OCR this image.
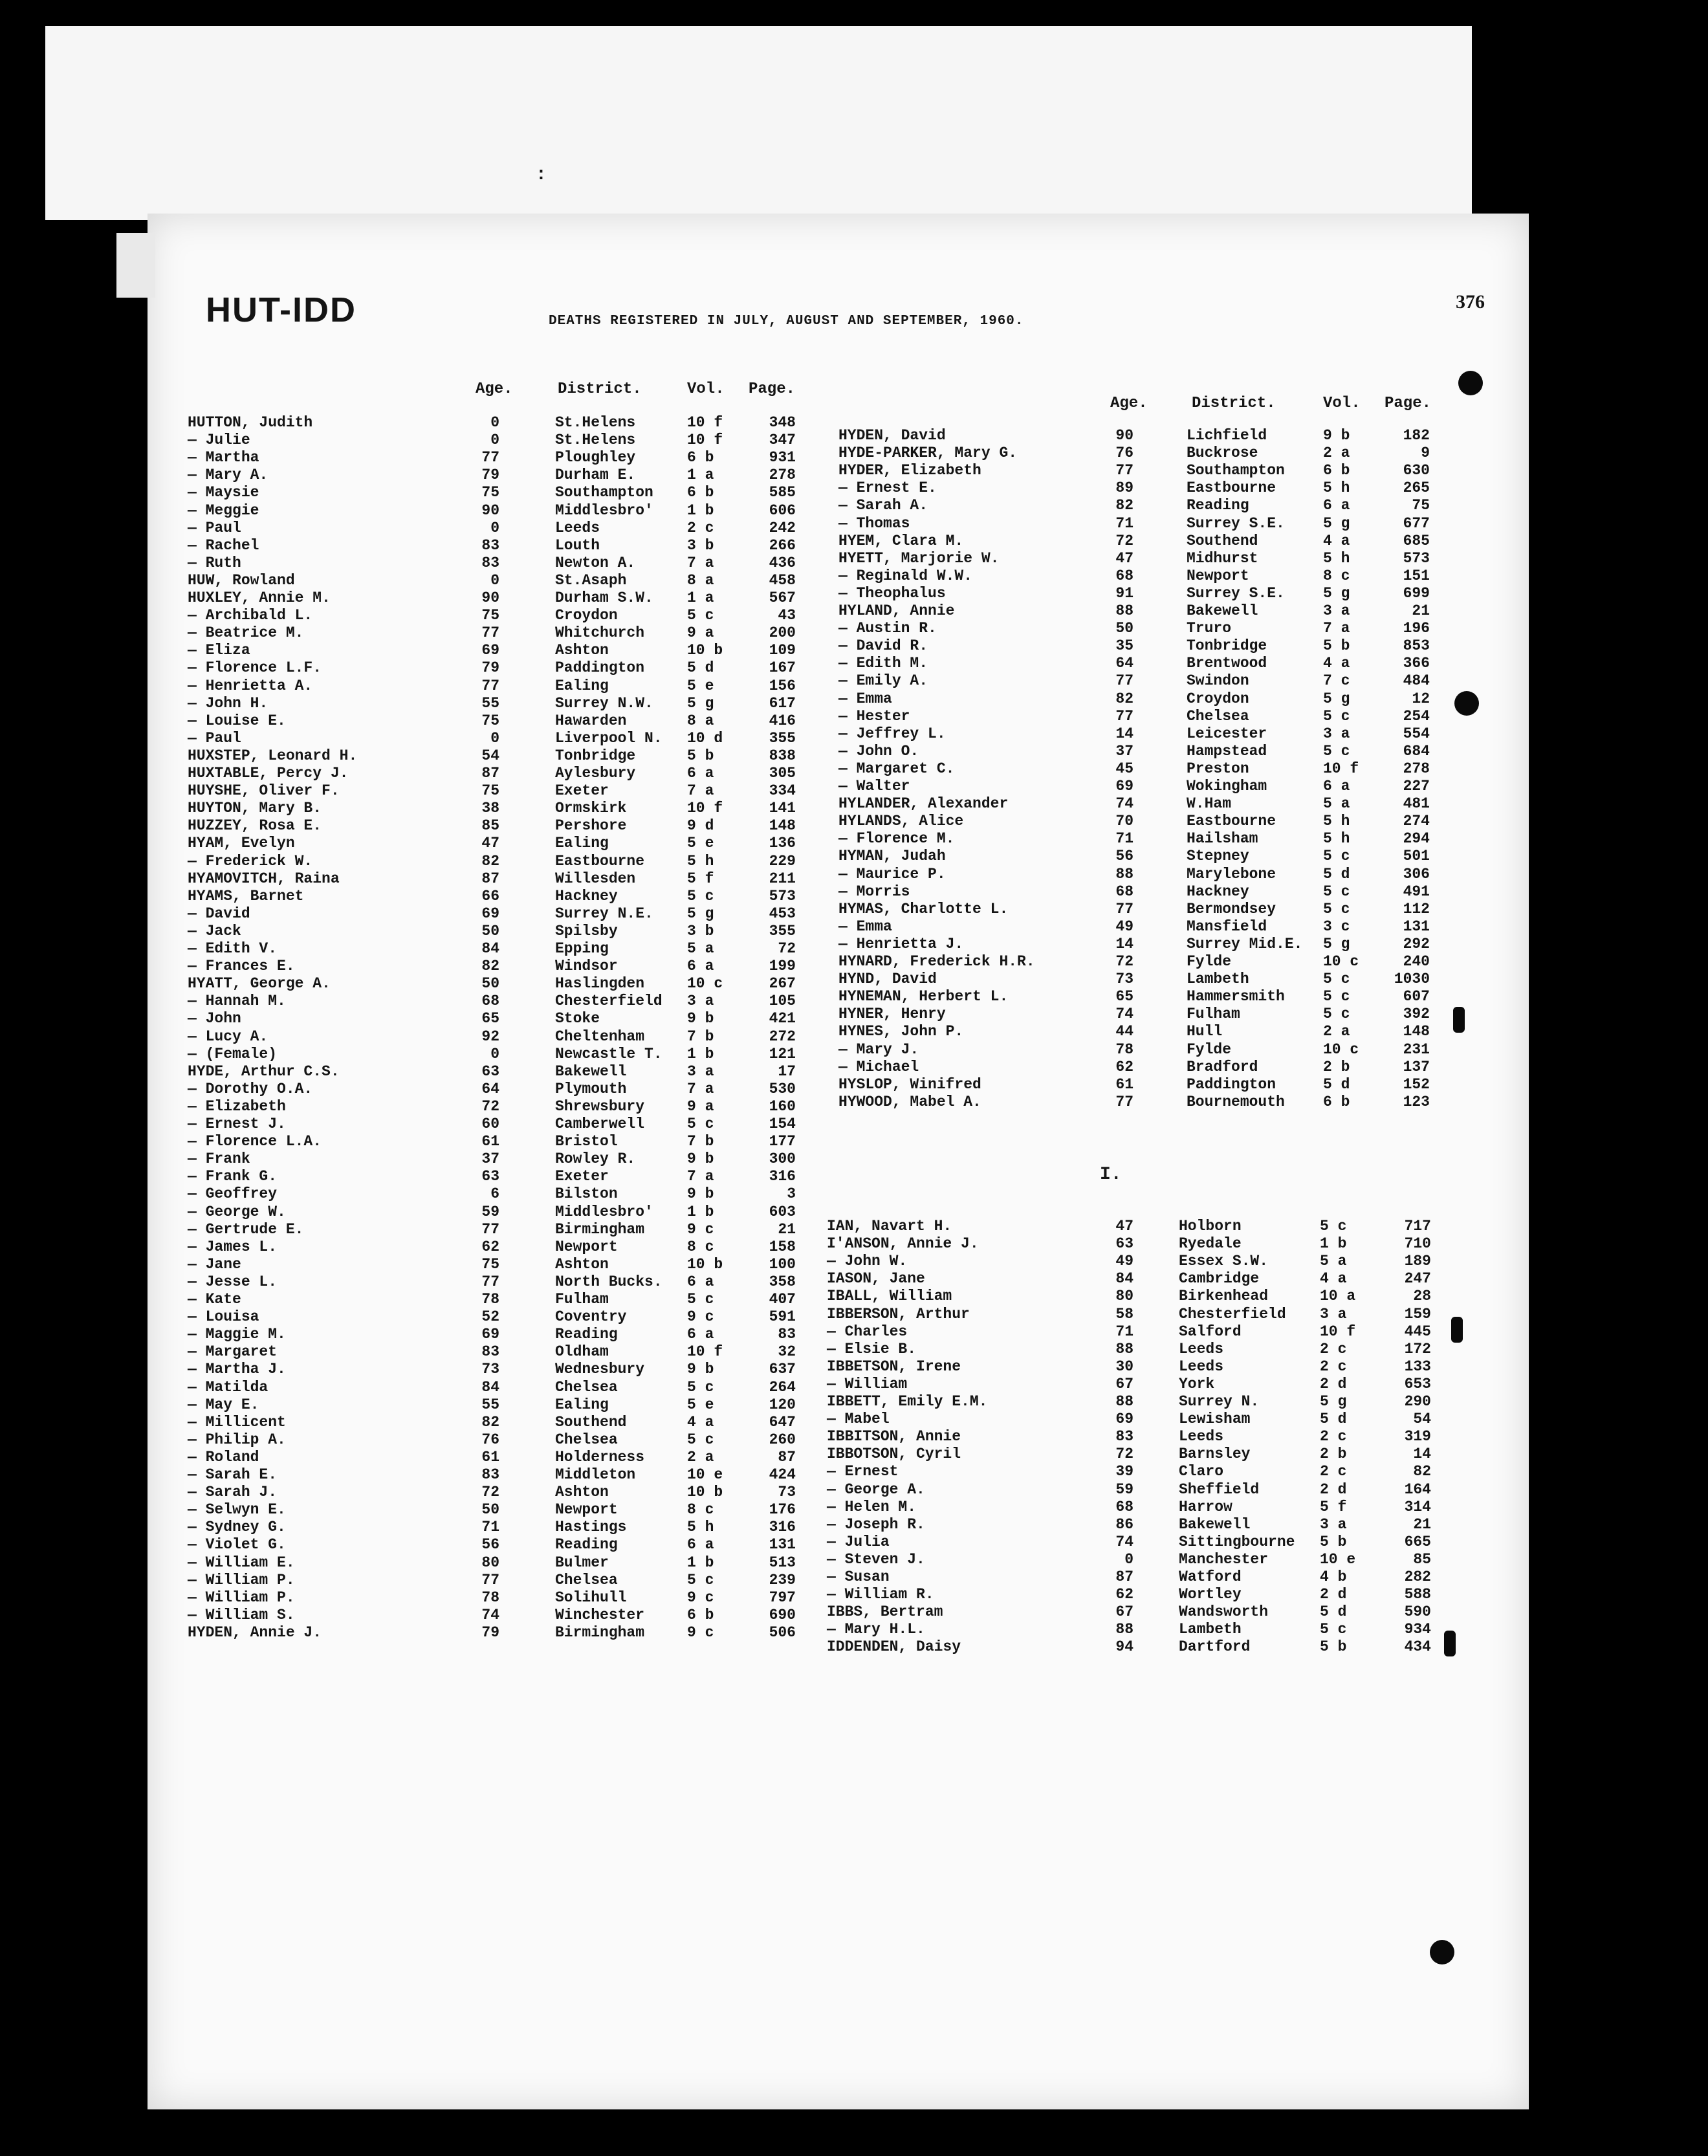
:
HUT-IDD	DEATHS REGISTERED IN JULY, AUGUST AND SEPTEMBER, 1960.
376
Age.	District.	Vol. Page.
Age.	District.	Vol. Page.
I.
HUTTON, Judith	0	St.Helens	10 f	348
— Julie	0	St.Helens	10 f	347
— Martha	77	Ploughley	6 b	931
— Mary A.	79	Durham E.	1 a	278
— Maysie	75	Southampton 6 b	585
— Meggie	90	Middlesbro' 1 b	606
— Paul	0	Leeds	2 c	242
— Rachel	83	Louth	3 b	266
— Ruth	83	Newton A.	7 a	436
HUW, Rowland	0	St.Asaph	8 a	458
HUXLEY, Annie M.	90	Durham S.W. 1 a	567
— Archibald L.	75	Croydon	5 c	43
— Beatrice M.	77	Whitchurch	9 a	200
— Eliza	69	Ashton	10 b	109
— Florence L.F.	79	Paddington	5 d	167
— Henrietta A.	77	Ealing	5 e	156
— John H.	55	Surrey N.W. 5 g	617
— Louise E.	75	Hawarden	8 a	416
— Paul	0	Liverpool N. 10 d	355
HUXSTEP, Leonard H.	54	Tonbridge	5 b	838
HUXTABLE, Percy J.	87	Aylesbury	6 a	305
HUYSHE, Oliver F.	75	Exeter	7 a	334
HUYTON, Mary B.	38	Ormskirk	10 f	141
HUZZEY, Rosa E.	85	Pershore	9 d	148
HYAM, Evelyn	47	Ealing	5 e	136
— Frederick W.	82	Eastbourne	5 h	229
HYAMOVITCH, Raina	87	Willesden	5 f	211
HYAMS, Barnet	66	Hackney	5 c	573
— David	69	Surrey N.E. 5 g	453
— Jack	50	Spilsby	3 b	355
— Edith V.	84	Epping	5 a	72
— Frances E.	82	Windsor	6 a	199
HYATT, George A.	50	Haslingden	10 c	267
— Hannah M.	68	Chesterfield 3 a	105
— John	65	Stoke	9 b	421
— Lucy A.	92	Cheltenham	7 b	272
— (Female)	0	Newcastle T. 1 b	121
HYDE, Arthur C.S.	63	Bakewell	3 a	17
— Dorothy O.A.	64	Plymouth	7 a	530
— Elizabeth	72	Shrewsbury	9 a	160
— Ernest J.	60	Camberwell	5 c	154
— Florence L.A.	61	Bristol	7 b	177
— Frank	37	Rowley R.	9 b	300
— Frank G.	63	Exeter	7 a	316
— Geoffrey	6	Bilston	9 b	3
— George W.	59	Middlesbro' 1 b	603
— Gertrude E.	77	Birmingham	9 c	21
— James L.	62	Newport	8 c	158
— Jane	75	Ashton	10 b	100
— Jesse L.	77	North Bucks. 6 a	358
— Kate	78	Fulham	5 c	407
— Louisa	52	Coventry	9 c	591
— Maggie M.	69	Reading	6 a	83
— Margaret	83	Oldham	10 f	32
— Martha J.	73	Wednesbury	9 b	637
— Matilda	84	Chelsea	5 c	264
— May E.	55	Ealing	5 e	120
— Millicent	82	Southend	4 a	647
— Philip A.	76	Chelsea	5 c	260
— Roland	61	Holderness	2 a	87
— Sarah E.	83	Middleton	10 e	424
— Sarah J.	72	Ashton	10 b	73
— Selwyn E.	50	Newport	8 c	176
— Sydney G.	71	Hastings	5 h	316
— Violet G.	56	Reading	6 a	131
— William E.	80	Bulmer	1 b	513
— William P.	77	Chelsea	5 c	239
— William P.	78	Solihull	9 c	797
— William S.	74	Winchester	6 b	690
HYDEN, Annie J.	79	Birmingham	9 c	506
HYDEN, David	90	Lichfield	9 b	182
HYDE-PARKER, Mary G.	76	Buckrose	2 a	9
HYDER, Elizabeth	77	Southampton	6 b	630
— Ernest E.	89	Eastbourne	5 h	265
— Sarah A.	82	Reading	6 a	75
— Thomas	71	Surrey S.E.	5 g	677
HYEM, Clara M.	72	Southend	4 a	685
HYETT, Marjorie W.	47	Midhurst	5 h	573
— Reginald W.W.	68	Newport	8 c	151
— Theophalus	91	Surrey S.E.	5 g	699
HYLAND, Annie	88	Bakewell	3 a	21
— Austin R.	50	Truro	7 a	196
— David R.	35	Tonbridge	5 b	853
— Edith M.	64	Brentwood	4 a	366
— Emily A.	77	Swindon	7 c	484
— Emma	82	Croydon	5 g	12
— Hester	77	Chelsea	5 c	254
— Jeffrey L.	14	Leicester	3 a	554
— John O.	37	Hampstead	5 c	684
— Margaret C.	45	Preston	10 f	278
— Walter	69	Wokingham	6 a	227
HYLANDER, Alexander	74	W.Ham	5 a	481
HYLANDS, Alice	70	Eastbourne	5 h	274
— Florence M.	71	Hailsham	5 h	294
HYMAN, Judah	56	Stepney	5 c	501
— Maurice P.	88	Marylebone	5 d	306
— Morris	68	Hackney	5 c	491
HYMAS, Charlotte L.	77	Bermondsey	5 c	112
— Emma	49	Mansfield	3 c	131
— Henrietta J.	14	Surrey Mid.E. 5 g	292
HYNARD, Frederick H.R.	72	Fylde	10 c	240
HYND, David	73	Lambeth	5 c	1030
HYNEMAN, Herbert L.	65	Hammersmith	5 c	607
HYNER, Henry	74	Fulham	5 c	392
HYNES, John P.	44	Hull	2 a	148
— Mary J.	78	Fylde	10 c	231
— Michael	62	Bradford	2 b	137
HYSLOP, Winifred	61	Paddington	5 d	152
HYWOOD, Mabel A.	77	Bournemouth	6 b	123
IAN, Navart H.	47	Holborn	5 c	717
I'ANSON, Annie J.	63	Ryedale	1 b	710
— John W.	49	Essex S.W.	5 a	189
IASON, Jane	84	Cambridge	4 a	247
IBALL, William	80	Birkenhead	10 a	28
IBBERSON, Arthur	58	Chesterfield 3 a	159
— Charles	71	Salford	10 f	445
— Elsie B.	88	Leeds	2 c	172
IBBETSON, Irene	30	Leeds	2 c	133
— William	67	York	2 d	653
IBBETT, Emily E.M.	88	Surrey N.	5 g	290
— Mabel	69	Lewisham	5 d	54
IBBITSON, Annie	83	Leeds	2 c	319
IBBOTSON, Cyril	72	Barnsley	2 b	14
— Ernest	39	Claro	2 c	82
— George A.	59	Sheffield	2 d	164
— Helen M.	68	Harrow	5 f	314
— Joseph R.	86	Bakewell	3 a	21
— Julia	74	Sittingbourne 5 b	665
— Steven J.	0	Manchester	10 e	85
— Susan	87	Watford	4 b	282
— William R.	62	Wortley	2 d	588
IBBS, Bertram	67	Wandsworth	5 d	590
— Mary H.L.	88	Lambeth	5 c	934
IDDENDEN, Daisy	94	Dartford	5 b	434
